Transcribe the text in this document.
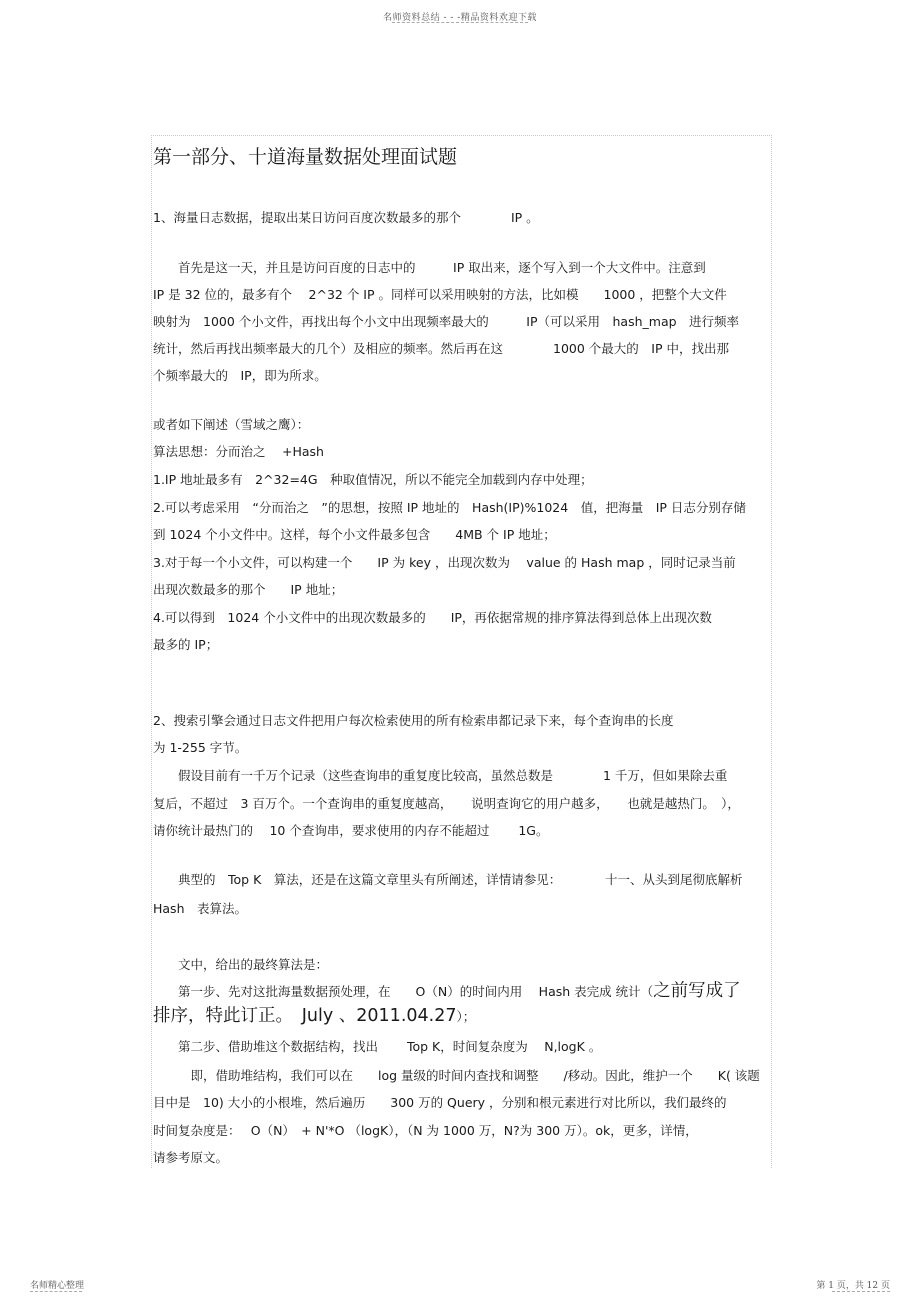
名师资料总结 - - -精品资料欢迎下载
第一部分、十道海量数据处理面试题

1、海量日志数据，提取出某日访问百度次数最多的那个　　　　IP 。

　　首先是这一天，并且是访问百度的日志中的　　　IP 取出来，逐个写入到一个大文件中。注意到

IP 是 32 位的，最多有个　 2^32 个 IP 。同样可以采用映射的方法，比如模　　1000 ，把整个大文件

映射为　1000 个小文件，再找出每个小文中出现频率最大的　　　IP（可以采用　hash_map　进行频率

统计，然后再找出频率最大的几个）及相应的频率。然后再在这　　　　1000 个最大的　IP 中，找出那

个频率最大的　IP，即为所求。

或者如下阐述（雪域之鹰）：

算法思想：分而治之　 +Hash

1.IP 地址最多有　2^32=4G　种取值情况，所以不能完全加载到内存中处理；

2.可以考虑采用　“分而治之　”的思想，按照 IP 地址的　Hash(IP)%1024　值，把海量　IP 日志分别存储

到 1024 个小文件中。这样，每个小文件最多包含　　4MB 个 IP 地址；

3.对于每一个小文件，可以构建一个　　IP 为 key ，出现次数为　 value 的 Hash map ，同时记录当前

出现次数最多的那个　　IP 地址；

4.可以得到　1024 个小文件中的出现次数最多的　　IP，再依据常规的排序算法得到总体上出现次数

最多的 IP；

2、搜索引擎会通过日志文件把用户每次检索使用的所有检索串都记录下来，每个查询串的长度

为 1-255 字节。

　　假设目前有一千万个记录（这些查询串的重复度比较高，虽然总数是　　　　1 千万，但如果除去重

复后，不超过　3 百万个。一个查询串的重复度越高，　　说明查询它的用户越多，　　也就是越热门。　），

请你统计最热门的　 10 个查询串，要求使用的内存不能超过　　 1G。

　　典型的　Top K　算法，还是在这篇文章里头有所阐述，详情请参见：　　　　十一、从头到尾彻底解析

Hash　表算法。

　　文中，给出的最终算法是：

　　第一步、先对这批海量数据预处理，在　　O（N）的时间内用　 Hash 表完成 统计（之前写成了

排序，特此订正。　July 、2011.04.27）；

　　第二步、借助堆这个数据结构，找出　　 Top K，时间复杂度为　 N,logK 。

　　　即，借助堆结构，我们可以在　　log 量级的时间内查找和调整　　/移动。因此，维护一个　　K( 该题

目中是　10) 大小的小根堆，然后遍历　　300 万的 Query ，分别和根元素进行对比所以，我们最终的

时间复杂度是：　 O（N）　+ N'*O （logK），（N 为 1000 万，N?为 300 万）。ok，更多，详情，

请参考原文。

名师精心整理	第 1 页，共 12 页
